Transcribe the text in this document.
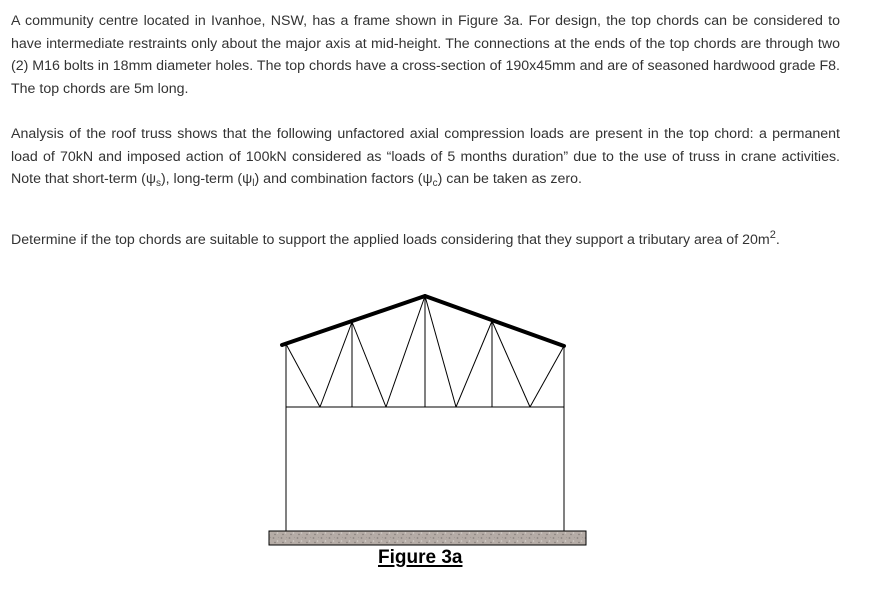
A community centre located in Ivanhoe, NSW, has a frame shown in Figure 3a. For design, the top chords can be considered to have intermediate restraints only about the major axis at mid-height. The connections at the ends of the top chords are through two (2) M16 bolts in 18mm diameter holes. The top chords have a cross-section of 190x45mm and are of seasoned hardwood grade F8. The top chords are 5m long.

Analysis of the roof truss shows that the following unfactored axial compression loads are present in the top chord: a permanent load of 70kN and imposed action of 100kN considered as “loads of 5 months duration” due to the use of truss in crane activities. Note that short-term $(\psi_s)$, long-term $(\psi_l)$ and combination factors $(\psi_c)$ can be taken as zero.

Determine if the top chords are suitable to support the applied loads considering that they support a tributary area of $20m^2$.

Figure 3a
